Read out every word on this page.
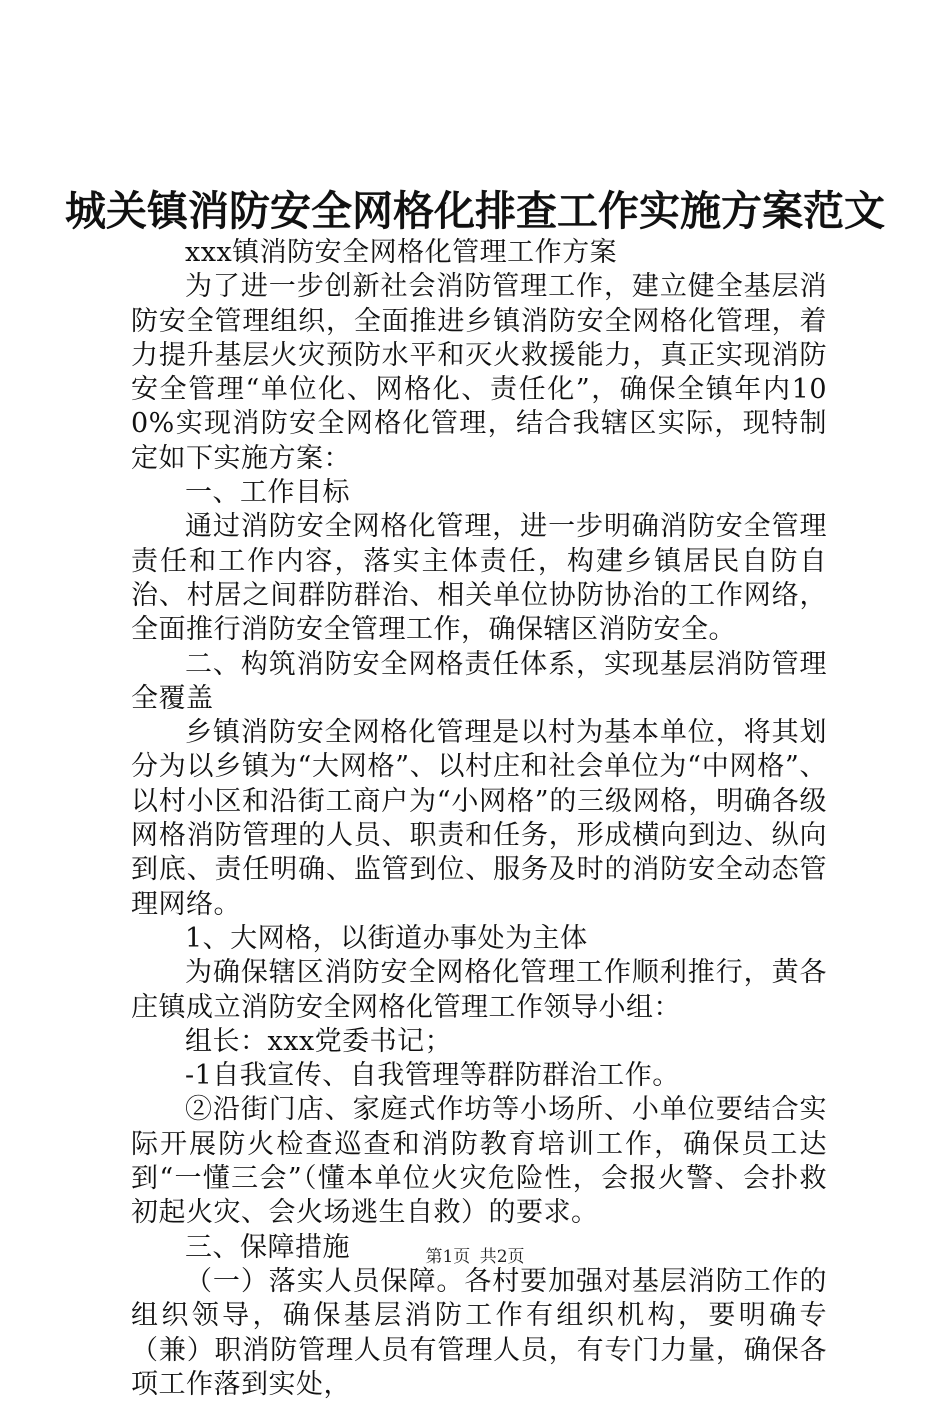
城关镇消防安全网格化排查工作实施方案范文

xxx镇消防安全网格化管理工作方案

为了进一步创新社会消防管理工作，建立健全基层消防安全管理组织，全面推进乡镇消防安全网格化管理，着力提升基层火灾预防水平和灭火救援能力，真正实现消防安全管理“单位化、网格化、责任化”，确保全镇年内100%实现消防安全网格化管理，结合我辖区实际，现特制定如下实施方案：

一、工作目标

通过消防安全网格化管理，进一步明确消防安全管理责任和工作内容，落实主体责任，构建乡镇居民自防自治、村居之间群防群治、相关单位协防协治的工作网络，全面推行消防安全管理工作，确保辖区消防安全。

二、构筑消防安全网格责任体系，实现基层消防管理全覆盖

乡镇消防安全网格化管理是以村为基本单位，将其划分为以乡镇为“大网格”、以村庄和社会单位为“中网格”、以村小区和沿街工商户为“小网格”的三级网格，明确各级网格消防管理的人员、职责和任务，形成横向到边、纵向到底、责任明确、监管到位、服务及时的消防安全动态管理网络。

1、大网格，以街道办事处为主体

为确保辖区消防安全网格化管理工作顺利推行，黄各庄镇成立消防安全网格化管理工作领导小组：

组长：xxx党委书记；

-1自我宣传、自我管理等群防群治工作。

②沿街门店、家庭式作坊等小场所、小单位要结合实际开展防火检查巡查和消防教育培训工作，确保员工达到“一懂三会”（懂本单位火灾危险性，会报火警、会扑救初起火灾、会火场逃生自救）的要求。

三、保障措施

（一）落实人员保障。各村要加强对基层消防工作的组织领导，确保基层消防工作有组织机构，要明确专（兼）职消防管理人员有管理人员，有专门力量，确保各项工作落到实处，

第1页 共2页
